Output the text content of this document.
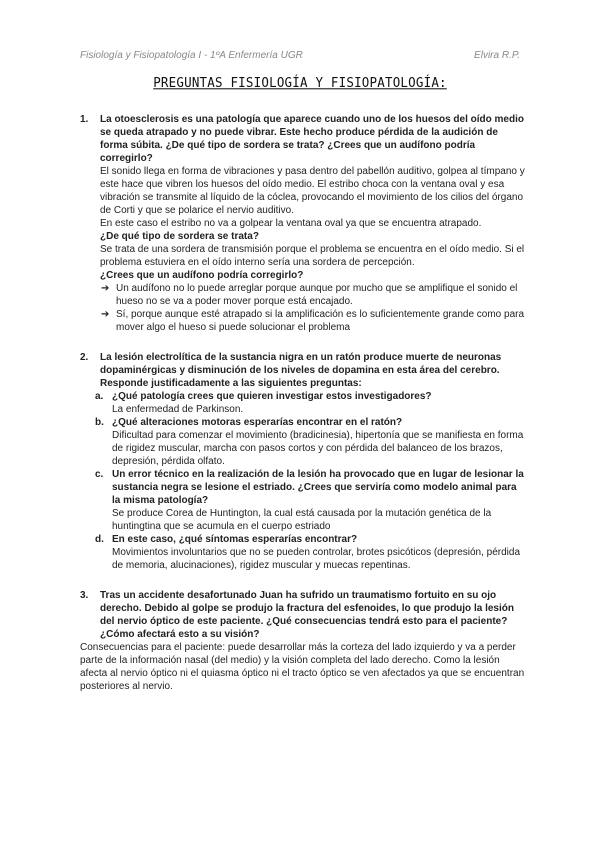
Fisiología y Fisiopatología I - 1ºA Enfermería UGR	Elvira R.P.
PREGUNTAS FISIOLOGÍA Y FISIOPATOLOGÍA:
1. La otoesclerosis es una patología que aparece cuando uno de los huesos del oído medio se queda atrapado y no puede vibrar. Este hecho produce pérdida de la audición de forma súbita. ¿De qué tipo de sordera se trata? ¿Crees que un audífono podría corregirlo?
El sonido llega en forma de vibraciones y pasa dentro del pabellón auditivo, golpea al tímpano y este hace que vibren los huesos del oído medio. El estribo choca con la ventana oval y esa vibración se transmite al líquido de la cóclea, provocando el movimiento de los cilios del órgano de Corti y que se polarice el nervio auditivo.
En este caso el estribo no va a golpear la ventana oval ya que se encuentra atrapado.
¿De qué tipo de sordera se trata?
Se trata de una sordera de transmisión porque el problema se encuentra en el oído medio. Si el problema estuviera en el oído interno sería una sordera de percepción.
¿Crees que un audífono podría corregirlo?
➔ Un audífono no lo puede arreglar porque aunque por mucho que se amplifique el sonido el hueso no se va a poder mover porque está encajado.
➔ Sí, porque aunque esté atrapado si la amplificación es lo suficientemente grande como para mover algo el hueso si puede solucionar el problema
2. La lesión electrolítica de la sustancia nigra en un ratón produce muerte de neuronas dopaminérgicas y disminución de los niveles de dopamina en esta área del cerebro. Responde justificadamente a las siguientes preguntas:
a. ¿Qué patología crees que quieren investigar estos investigadores?
La enfermedad de Parkinson.
b. ¿Qué alteraciones motoras esperarías encontrar en el ratón?
Dificultad para comenzar el movimiento (bradicinesia), hipertonía que se manifiesta en forma de rigidez muscular, marcha con pasos cortos y con pérdida del balanceo de los brazos, depresión, pérdida olfato.
c. Un error técnico en la realización de la lesión ha provocado que en lugar de lesionar la sustancia negra se lesione el estriado. ¿Crees que serviría como modelo animal para la misma patología?
Se produce Corea de Huntington, la cual está causada por la mutación genética de la huntingtina que se acumula en el cuerpo estriado
d. En este caso, ¿qué síntomas esperarías encontrar?
Movimientos involuntarios que no se pueden controlar, brotes psicóticos (depresión, pérdida de memoria, alucinaciones), rigidez muscular y muecas repentinas.
3. Tras un accidente desafortunado Juan ha sufrido un traumatismo fortuito en su ojo derecho. Debido al golpe se produjo la fractura del esfenoides, lo que produjo la lesión del nervio óptico de este paciente. ¿Qué consecuencias tendrá esto para el paciente? ¿Cómo afectará esto a su visión?
Consecuencias para el paciente: puede desarrollar más la corteza del lado izquierdo y va a perder parte de la información nasal (del medio) y la visión completa del lado derecho. Como la lesión afecta al nervio óptico ni el quiasma óptico ni el tracto óptico se ven afectados ya que se encuentran posteriores al nervio.
